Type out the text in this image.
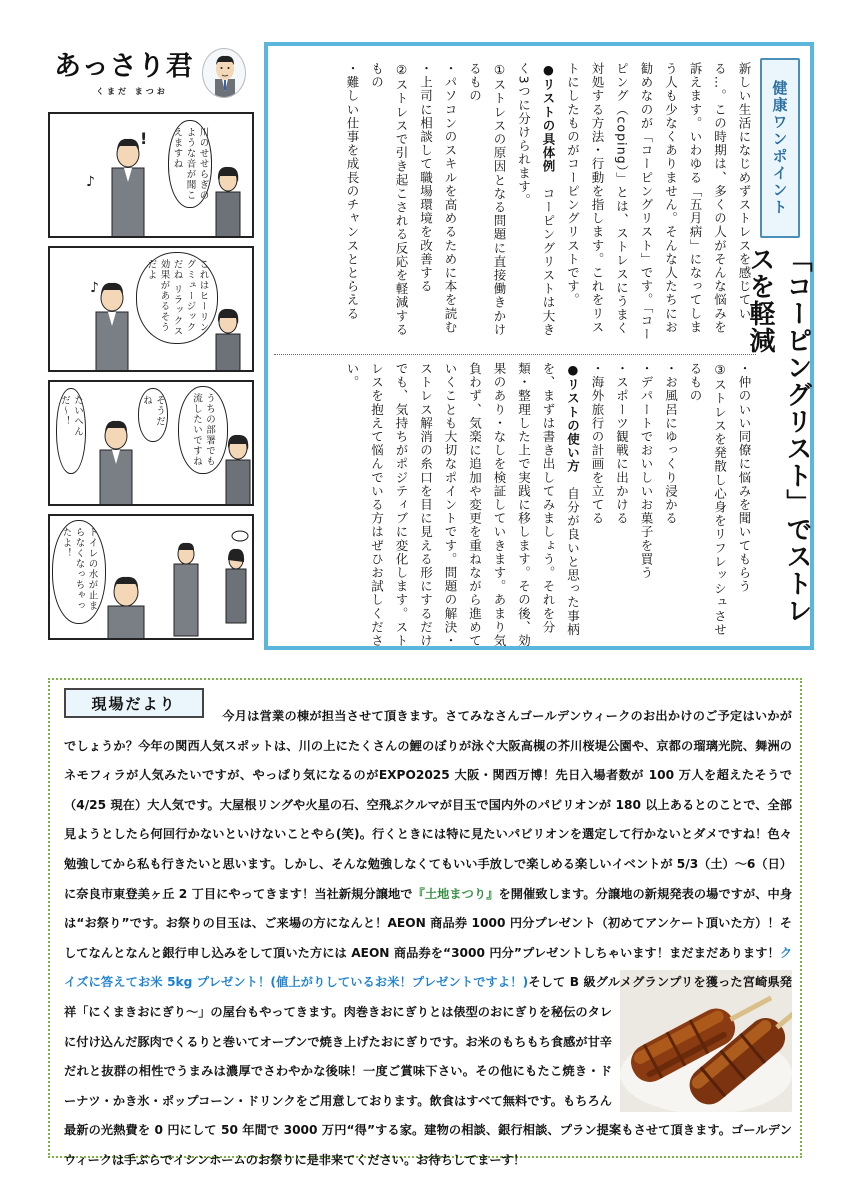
あっさり君
くまだ まつお
!
♪	川のせせらぎのような音が聞こえますね
♪	これはヒーリングミュージックだね リラックス効果があるそうだよ
うちの部署でも流したいですね
そうだね
たいへんだ〜！
トイレの水が止まらなくなっちゃったよ！
健康ワンポイント
「コーピングリスト」でストレスを軽減

新しい生活になじめずストレスを感じている…。この時期は、多くの人がそんな悩みを訴えます。いわゆる「五月病」になってしまう人も少なくありません。そんな人たちにお勧めなのが「コーピングリスト」です。「コーピング（coping）」とは、ストレスにうまく対処する方法・行動を指します。これをリストにしたものがコーピングリストです。

●リストの具体例　コーピングリストは大きく3つに分けられます。

①ストレスの原因となる問題に直接働きかけるもの

・パソコンのスキルを高めるために本を読む

・上司に相談して職場環境を改善する

②ストレスで引き起こされる反応を軽減するもの

・難しい仕事を成長のチャンスととらえる

・仲のいい同僚に悩みを聞いてもらう

③ストレスを発散し心身をリフレッシュさせるもの

・お風呂にゆっくり浸かる

・デパートでおいしいお菓子を買う

・スポーツ観戦に出かける

・海外旅行の計画を立てる

●リストの使い方　自分が良いと思った事柄を、まずは書き出してみましょう。それを分類・整理した上で実践に移します。その後、効果のあり・なしを検証していきます。あまり気負わず、気楽に追加や変更を重ねながら進めていくことも大切なポイントです。問題の解決・ストレス解消の糸口を目に見える形にするだけでも、気持ちがポジティブに変化します。ストレスを抱えて悩んでいる方はぜひお試しください。

現場だより
今月は営業の棟が担当させて頂きます。さてみなさんゴールデンウィークのお出かけのご予定はいかがでしょうか？今年の関西人気スポットは、川の上にたくさんの鯉のぼりが泳ぐ大阪高槻の芥川桜堤公園や、京都の瑠璃光院、舞洲のネモフィラが人気みたいですが、やっぱり気になるのがEXPO2025 大阪・関西万博！先日入場者数が 100 万人を超えたそうで（4/25 現在）大人気です。大屋根リングや火星の石、空飛ぶクルマが目玉で国内外のパビリオンが 180 以上あるとのことで、全部見ようとしたら何回行かないといけないことやら(笑)。行くときには特に見たいパビリオンを選定して行かないとダメですね！色々勉強してから私も行きたいと思います。しかし、そんな勉強しなくてもいい手放しで楽しめる楽しいイベントが 5/3（土）〜6（日）に奈良市東登美ヶ丘 2 丁目にやってきます！当社新規分譲地で『土地まつり』を開催致します。分譲地の新規発表の場ですが、中身は“お祭り”です。お祭りの目玉は、ご来場の方になんと！AEON 商品券 1000 円分プレゼント（初めてアンケート頂いた方）！そしてなんとなんと銀行申し込みをして頂いた方には AEON 商品券を“3000 円分”プレゼントしちゃいます！まだまだあります！クイズに答えてお米 5kg プレゼント！(値上がりしているお米！プレゼントですよ！)
そして B 級グルメグランプリを獲った宮崎県発祥「にくまきおにぎり〜」の屋台もやってきます。肉巻きおにぎりとは俵型のおにぎりを秘伝のタレに付け込んだ豚肉でくるりと巻いてオーブンで焼き上げたおにぎりです。お米のもちもち食感が甘辛だれと抜群の相性でうまみは濃厚でさわやかな後味！一度ご賞味下さい。その他にもたこ焼き・ドーナツ・かき氷・ポップコーン・ドリンクをご用意しております。飲食はすべて無料です。もちろん最新の光熱費を 0 円にして 50 年間で 3000 万円“得”する家。建物の相談、銀行相談、プラン提案もさせて頂きます。ゴールデンウィークは手ぶらでイシンホームのお祭りに是非来てください。お待ちしてまーす！
